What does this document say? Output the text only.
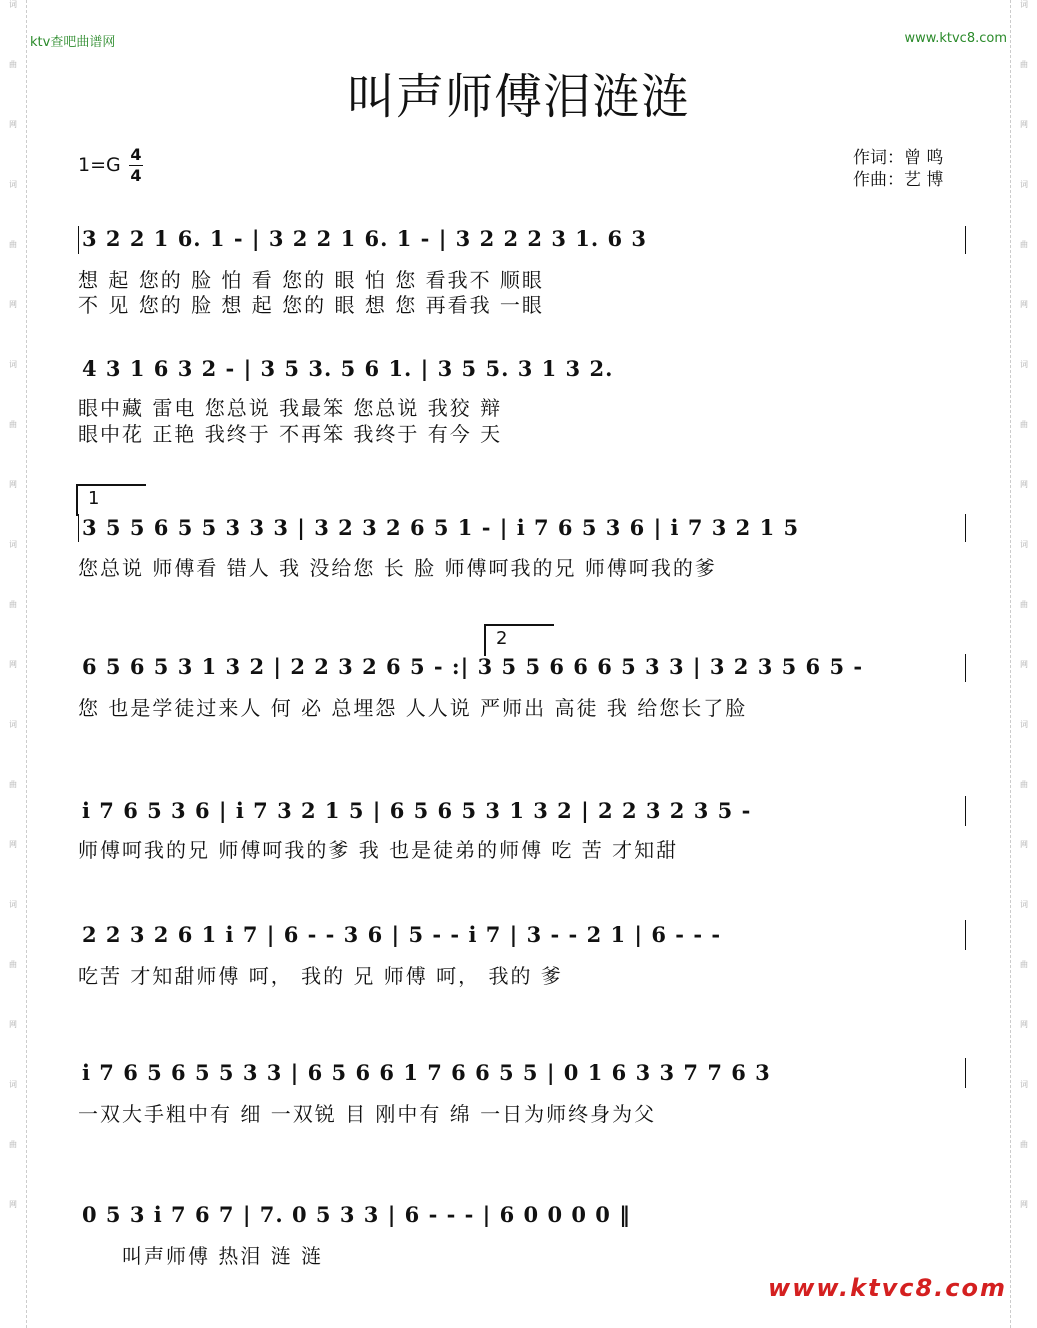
词
曲
网
词
曲
网
词
曲
网
词
曲
网
词
曲
网
词
曲
网
词
曲
网
词
曲
网
词
曲
网
词
曲
网
词
曲
网
词
曲
网
词
曲
网
词
曲
网
ktv查吧曲谱网	www.ktvc8.com
叫声师傅泪涟涟
1=G 4
4
作词：曾 鸣
作曲：艺 博
3 2 2 1 6. 1 - | 3 2 2 1 6. 1 - | 3 2 2 2 3 1. 6 3
想 起 您的 脸 怕 看 您的 眼 怕 您 看我不 顺眼
不 见 您的 脸 想 起 您的 眼 想 您 再看我 一眼
4 3 1 6 3 2 - | 3 5 3. 5 6 1. | 3 5 5. 3 1 3 2.
眼中藏 雷电 您总说 我最笨 您总说 我狡 辩
眼中花 正艳 我终于 不再笨 我终于 有今 天
1
3 5 5 6 5 5 3 3 3 | 3 2 3 2 6 5 1 - | i 7 6 5 3 6 | i 7 3 2 1 5
您总说 师傅看 错人 我 没给您 长 脸 师傅呵我的兄 师傅呵我的爹
2
6 5 6 5 3 1 3 2 | 2 2 3 2 6 5 - :| 3 5 5 6 6 6 5 3 3 | 3 2 3 5 6 5 -
您 也是学徒过来人 何 必 总埋怨 人人说 严师出 高徒 我 给您长了脸
i 7 6 5 3 6 | i 7 3 2 1 5 | 6 5 6 5 3 1 3 2 | 2 2 3 2 3 5 -
师傅呵我的兄 师傅呵我的爹 我 也是徒弟的师傅 吃 苦 才知甜
2 2 3 2 6 1 i 7 | 6 - - 3 6 | 5 - - i 7 | 3 - - 2 1 | 6 - - -
吃苦 才知甜师傅 呵， 我的 兄 师傅 呵， 我的 爹
i 7 6 5 6 5 5 3 3 | 6 5 6 6 1 7 6 6 5 5 | 0 1 6 3 3 7 7 6 3
一双大手粗中有 细 一双锐 目 刚中有 绵 一日为师终身为父
0 5 3 i 7 6 7 | 7. 0 5 3 3 | 6 - - - | 6 0 0 0 0 ‖
叫声师傅 热泪 涟 涟
www.ktvc8.com
